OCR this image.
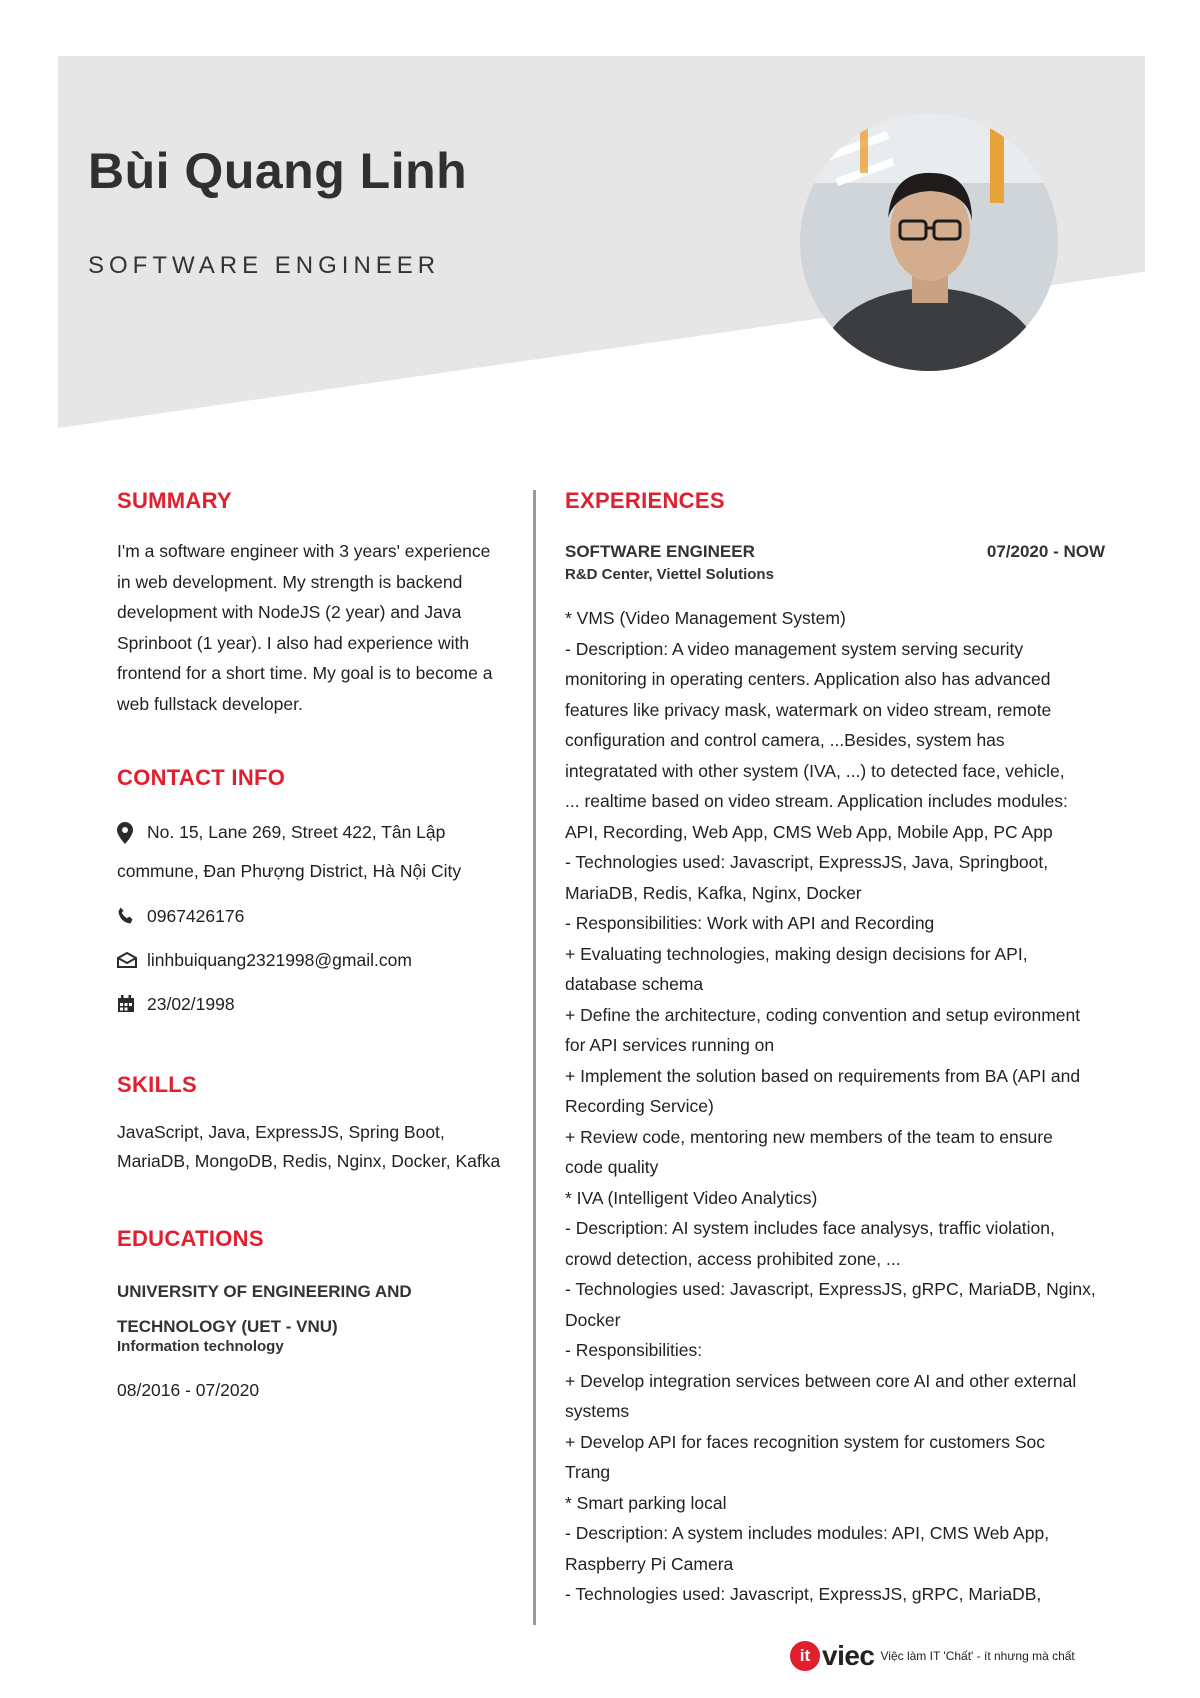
Bùi Quang Linh
SOFTWARE ENGINEER
SUMMARY
I'm a software engineer with 3 years' experience in web development. My strength is backend development with NodeJS (2 year) and Java Sprinboot (1 year). I also had experience with frontend for a short time. My goal is to become a web fullstack developer.
CONTACT INFO
No. 15, Lane 269, Street 422, Tân Lập commune, Đan Phượng District, Hà Nội City
0967426176
linhbuiquang2321998@gmail.com
23/02/1998
SKILLS
JavaScript, Java, ExpressJS, Spring Boot, MariaDB, MongoDB, Redis, Nginx, Docker, Kafka
EDUCATIONS
UNIVERSITY OF ENGINEERING AND
TECHNOLOGY (UET - VNU)
Information technology
08/2016 - 07/2020
EXPERIENCES
SOFTWARE ENGINEER	07/2020 - NOW
R&D Center, Viettel Solutions
* VMS (Video Management System)
- Description: A video management system serving security
monitoring in operating centers. Application also has advanced
features like privacy mask, watermark on video stream, remote
configuration and control camera, ...Besides, system has
integratated with other system (IVA, ...) to detected face, vehicle,
... realtime based on video stream. Application includes modules:
API, Recording, Web App, CMS Web App, Mobile App, PC App
- Technologies used: Javascript, ExpressJS, Java, Springboot,
MariaDB, Redis, Kafka, Nginx, Docker
- Responsibilities: Work with API and Recording
+ Evaluating technologies, making design decisions for API,
database schema
+ Define the architecture, coding convention and setup evironment
for API services running on
+ Implement the solution based on requirements from BA (API and
Recording Service)
+ Review code, mentoring new members of the team to ensure
code quality
* IVA (Intelligent Video Analytics)
- Description: AI system includes face analysys, traffic violation,
crowd detection, access prohibited zone, ...
- Technologies used: Javascript, ExpressJS, gRPC, MariaDB, Nginx,
Docker
- Responsibilities:
+ Develop integration services between core AI and other external
systems
+ Develop API for faces recognition system for customers Soc
Trang
* Smart parking local
- Description: A system includes modules: API, CMS Web App,
Raspberry Pi Camera
- Technologies used: Javascript, ExpressJS, gRPC, MariaDB,
it viec Việc làm IT 'Chất' - ít nhưng mà chất
